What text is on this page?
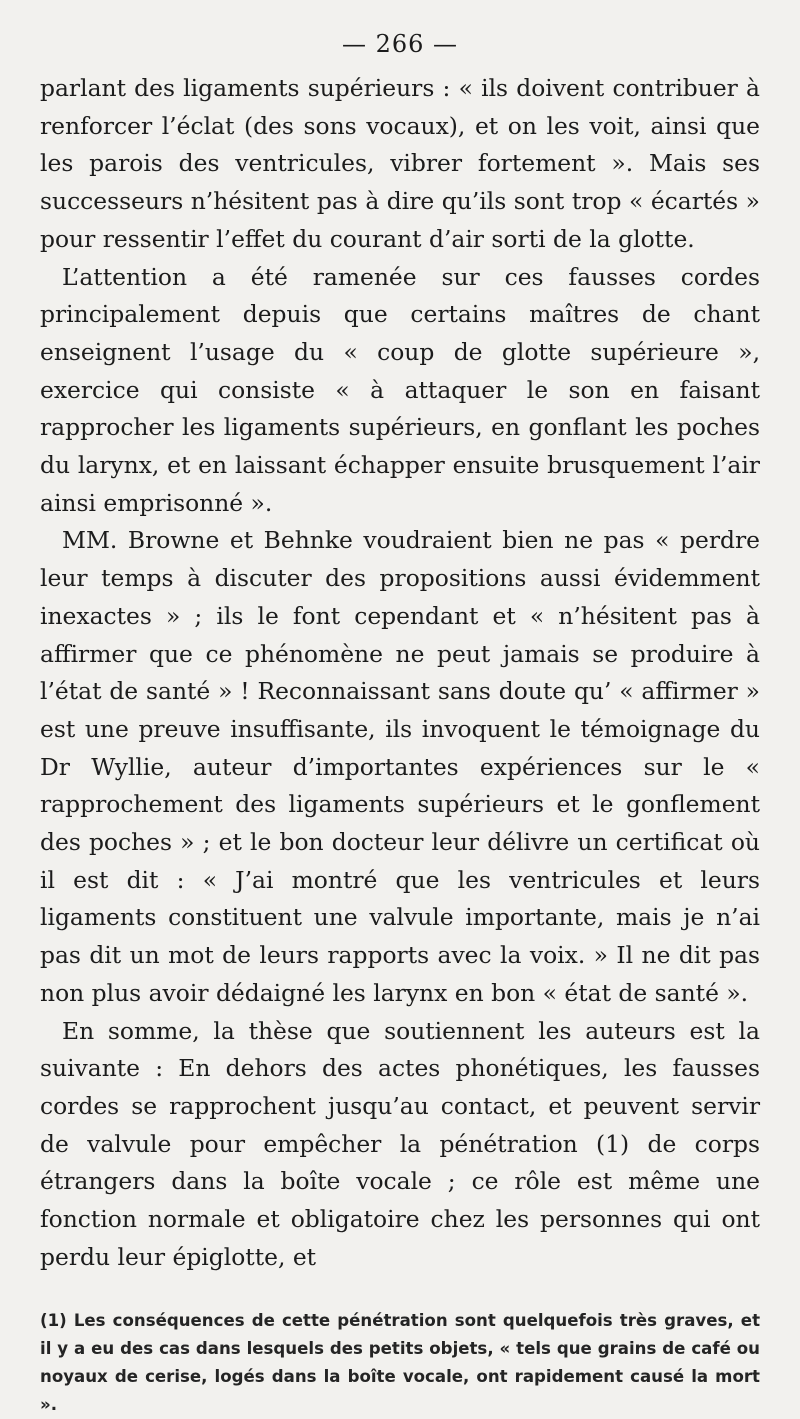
— 266 —

parlant des ligaments supérieurs : « ils doivent contribuer à renforcer l’éclat (des sons vocaux), et on les voit, ainsi que les parois des ventricules, vibrer fortement ». Mais ses successeurs n’hésitent pas à dire qu’ils sont trop « écartés » pour ressentir l’effet du courant d’air sorti de la glotte.

L’attention a été ramenée sur ces fausses cordes principalement depuis que certains maîtres de chant enseignent l’usage du « coup de glotte supérieure », exercice qui consiste « à attaquer le son en faisant rapprocher les ligaments supérieurs, en gonflant les poches du larynx, et en laissant échapper ensuite brusquement l’air ainsi emprisonné ».

MM. Browne et Behnke voudraient bien ne pas « perdre leur temps à discuter des propositions aussi évidemment inexactes » ; ils le font cependant et « n’hésitent pas à affirmer que ce phénomène ne peut jamais se produire à l’état de santé » ! Reconnaissant sans doute qu’ « affirmer » est une preuve insuffisante, ils invoquent le témoignage du Dr Wyllie, auteur d’importantes expériences sur le « rapprochement des ligaments supérieurs et le gonflement des poches » ; et le bon docteur leur délivre un certificat où il est dit : « J’ai montré que les ventricules et leurs ligaments constituent une valvule importante, mais je n’ai pas dit un mot de leurs rapports avec la voix. » Il ne dit pas non plus avoir dédaigné les larynx en bon « état de santé ».

En somme, la thèse que soutiennent les auteurs est la suivante : En dehors des actes phonétiques, les fausses cordes se rapprochent jusqu’au contact, et peuvent servir de valvule pour empêcher la pénétration (1) de corps étrangers dans la boîte vocale ; ce rôle est même une fonction normale et obligatoire chez les personnes qui ont perdu leur épiglotte, et

(1) Les conséquences de cette pénétration sont quelquefois très graves, et il y a eu des cas dans lesquels des petits objets, « tels que grains de café ou noyaux de cerise, logés dans la boîte vocale, ont rapidement causé la mort ».
